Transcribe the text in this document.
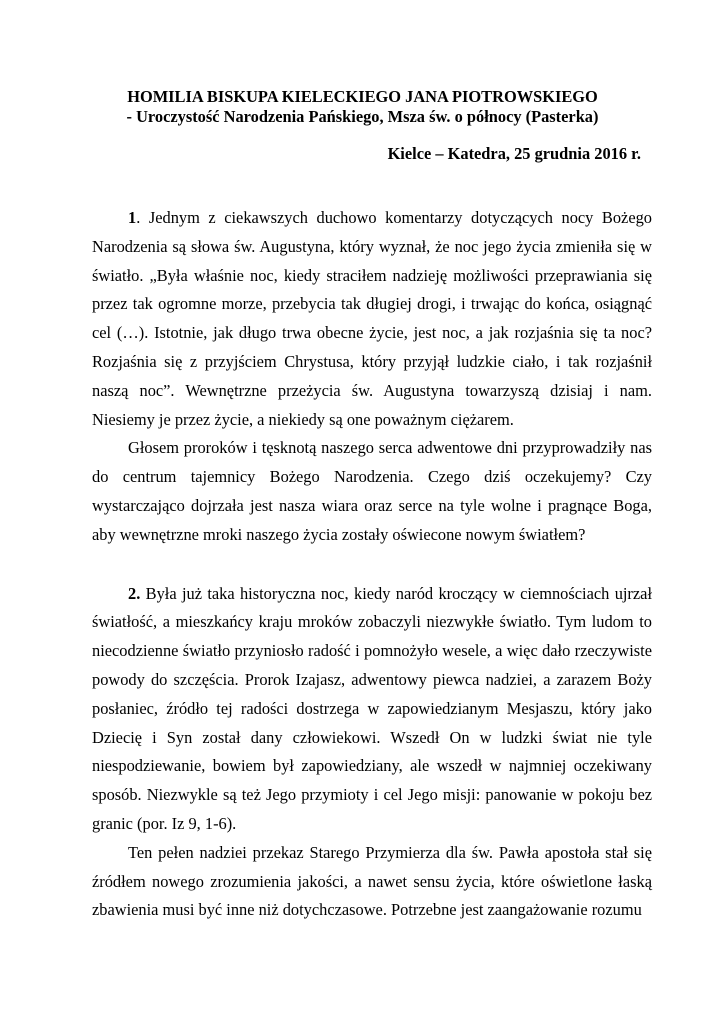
HOMILIA BISKUPA KIELECKIEGO JANA PIOTROWSKIEGO
- Uroczystość Narodzenia Pańskiego, Msza św. o północy (Pasterka)
Kielce – Katedra, 25 grudnia 2016 r.

1. Jednym z ciekawszych duchowo komentarzy dotyczących nocy Bożego Narodzenia są słowa św. Augustyna, który wyznał, że noc jego życia zmieniła się w światło. „Była właśnie noc, kiedy straciłem nadzieję możliwości przeprawiania się przez tak ogromne morze, przebycia tak długiej drogi, i trwając do końca, osiągnąć cel (…). Istotnie, jak długo trwa obecne życie, jest noc, a jak rozjaśnia się ta noc? Rozjaśnia się z przyjściem Chrystusa, który przyjął ludzkie ciało, i tak rozjaśnił naszą noc”. Wewnętrzne przeżycia św. Augustyna towarzyszą dzisiaj i nam. Niesiemy je przez życie, a niekiedy są one poważnym ciężarem.

Głosem proroków i tęsknotą naszego serca adwentowe dni przyprowadziły nas do centrum tajemnicy Bożego Narodzenia. Czego dziś oczekujemy? Czy wystarczająco dojrzała jest nasza wiara oraz serce na tyle wolne i pragnące Boga, aby wewnętrzne mroki naszego życia zostały oświecone nowym światłem?

2. Była już taka historyczna noc, kiedy naród kroczący w ciemnościach ujrzał światłość, a mieszkańcy kraju mroków zobaczyli niezwykłe światło. Tym ludom to niecodzienne światło przyniosło radość i pomnożyło wesele, a więc dało rzeczywiste powody do szczęścia. Prorok Izajasz, adwentowy piewca nadziei, a zarazem Boży posłaniec, źródło tej radości dostrzega w zapowiedzianym Mesjaszu, który jako Dziecię i Syn został dany człowiekowi. Wszedł On w ludzki świat nie tyle niespodziewanie, bowiem był zapowiedziany, ale wszedł w najmniej oczekiwany sposób. Niezwykle są też Jego przymioty i cel Jego misji: panowanie w pokoju bez granic (por. Iz 9, 1-6).

Ten pełen nadziei przekaz Starego Przymierza dla św. Pawła apostoła stał się źródłem nowego zrozumienia jakości, a nawet sensu życia, które oświetlone łaską zbawienia musi być inne niż dotychczasowe. Potrzebne jest zaangażowanie rozumu
